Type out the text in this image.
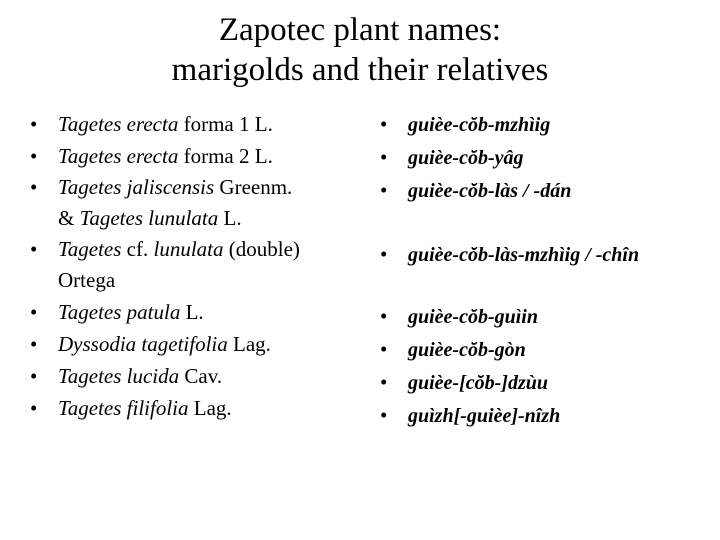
Zapotec plant names:
marigolds and their relatives
• Tagetes erecta forma 1 L.
• Tagetes erecta forma 2 L.
• Tagetes jaliscensis Greenm.
& Tagetes lunulata L.
• Tagetes cf. lunulata (double)
Ortega
• Tagetes patula L.
• Dyssodia tagetifolia Lag.
• Tagetes lucida Cav.
• Tagetes filifolia Lag.
•	guièe-cŏb-mzhìig
•	guièe-cŏb-yâg
•	guièe-cŏb-làs / -dán
•	guièe-cŏb-làs-mzhìig / -chîn
•	guièe-cŏb-guìin
•	guièe-cŏb-gòn
•	guièe-[cŏb-]dzùu
•	guìzh[-guièe]-nîzh
